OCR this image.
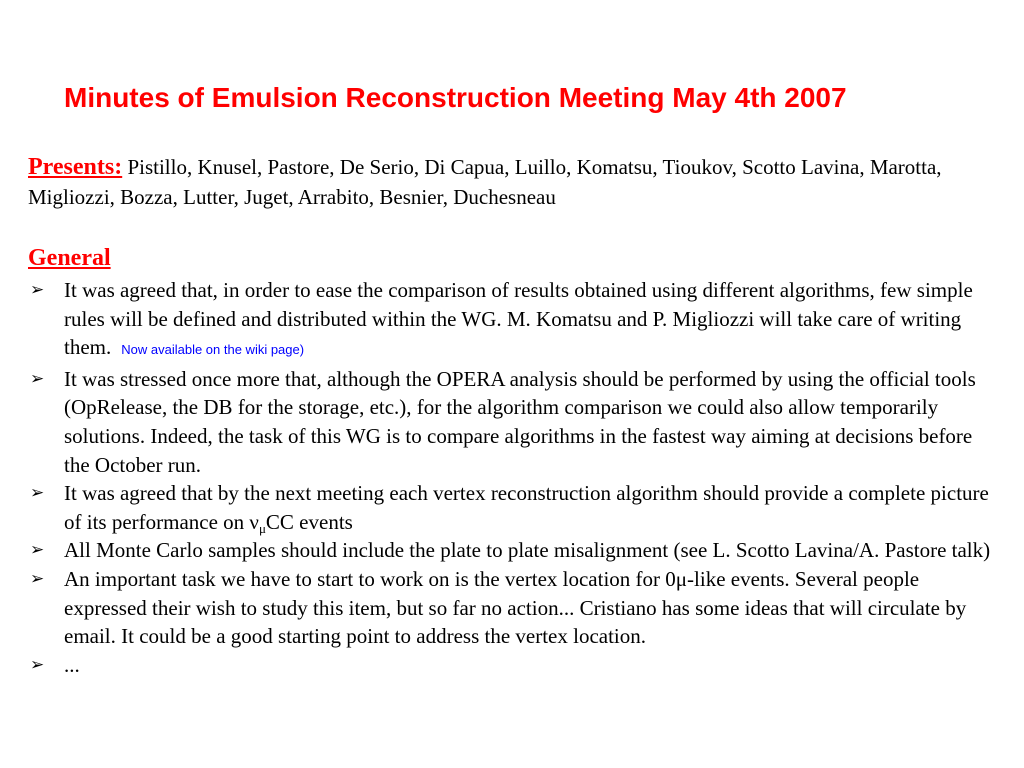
Minutes of Emulsion Reconstruction Meeting May 4th 2007
Presents: Pistillo, Knusel, Pastore, De Serio, Di Capua, Luillo, Komatsu, Tioukov, Scotto Lavina, Marotta, Migliozzi, Bozza, Lutter, Juget, Arrabito, Besnier, Duchesneau
General
➢ It was agreed that, in order to ease the comparison of results obtained using different algorithms, few simple rules will be defined and distributed within the WG. M. Komatsu and P. Migliozzi will take care of writing them. Now available on the wiki page)
➢ It was stressed once more that, although the OPERA analysis should be performed by using the official tools (OpRelease, the DB for the storage, etc.), for the algorithm comparison we could also allow temporarily solutions. Indeed, the task of this WG is to compare algorithms in the fastest way aiming at decisions before the October run.
➢ It was agreed that by the next meeting each vertex reconstruction algorithm should provide a complete picture of its performance on $\nu_\mu CC$ events
➢ All Monte Carlo samples should include the plate to plate misalignment (see L. Scotto Lavina/A. Pastore talk)
➢ An important task we have to start to work on is the vertex location for 0μ-like events. Several people expressed their wish to study this item, but so far no action... Cristiano has some ideas that will circulate by email. It could be a good starting point to address the vertex location.
➢ ...
